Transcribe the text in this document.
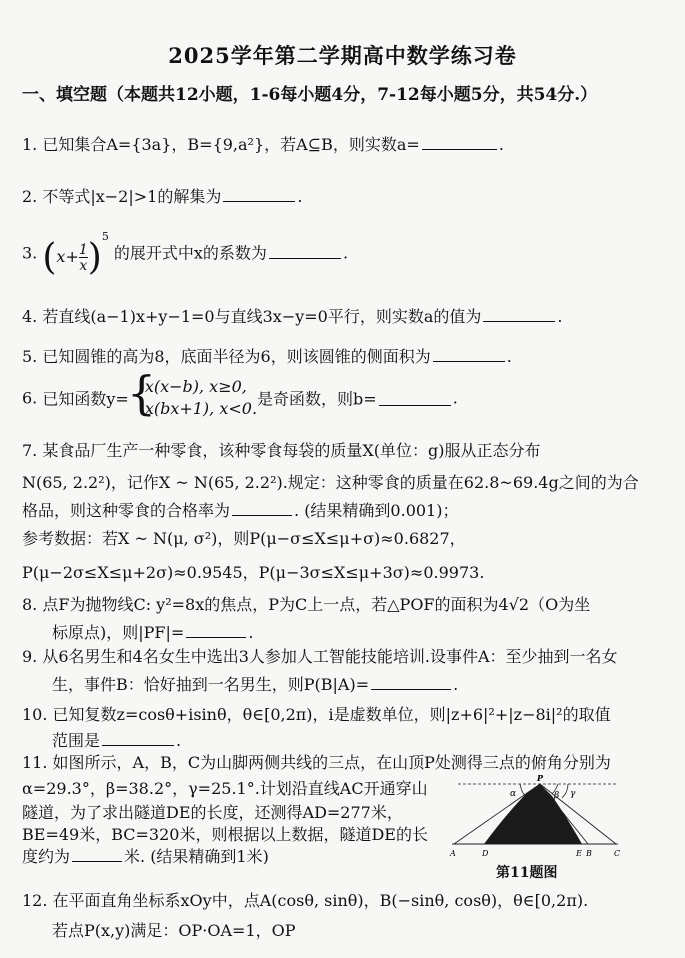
2025学年第二学期高中数学练习卷
一、填空题（本题共12小题，1-6每小题4分，7-12每小题5分，共54分.）
1. 已知集合A={3a}，B={9,a²}，若A⊆B，则实数a=	.
2. 不等式|x−2|>1的解集为	.
3. $(x+ \frac{1}{x} )^5$ 的展开式中x的系数为	.
4. 若直线(a−1)x+y−1=0与直线3x−y=0平行，则实数a的值为	.
5. 已知圆锥的高为8，底面半径为6，则该圆锥的侧面积为	.
6. 已知函数y=
{
x(x−b), x≥0,
x(bx+1), x<0. 是奇函数，则b=	.
7. 某食品厂生产一种零食，该种零食每袋的质量X(单位：g)服从正态分布
N(65, 2.2²)，记作X ~ N(65, 2.2²).规定：这种零食的质量在62.8~69.4g之间的为合
格品，则这种零食的合格率为	. (结果精确到0.001)；
参考数据：若X ~ N(μ, σ²)，则P(μ−σ≤X≤μ+σ)≈0.6827，
P(μ−2σ≤X≤μ+2σ)≈0.9545，P(μ−3σ≤X≤μ+3σ)≈0.9973.
8. 点F为抛物线C: y²=8x的焦点，P为C上一点，若△POF的面积为4√2（O为坐
标原点)，则|PF|=	.
9. 从6名男生和4名女生中选出3人参加人工智能技能培训.设事件A：至少抽到一名女
生，事件B：恰好抽到一名男生，则P(B|A)=	.
10. 已知复数z=cosθ+isinθ，θ∈[0,2π)，i是虚数单位，则|z+6|²+|z−8i|²的取值
范围是	.
11. 如图所示，A，B，C为山脚两侧共线的三点，在山顶P处测得三点的俯角分别为
α=29.3°，β=38.2°，γ=25.1°.计划沿直线AC开通穿山
隧道，为了求出隧道DE的长度，还测得AD=277米，
BE=49米，BC=320米，则根据以上数据，隧道DE的长
度约为	米. (结果精确到1米)
α	β γ
P
A	D	E B	C
第11题图
12. 在平面直角坐标系xOy中，点A(cosθ, sinθ)，B(−sinθ, cosθ)，θ∈[0,2π).
若点P(x,y)满足：OP·OA=1，OP
